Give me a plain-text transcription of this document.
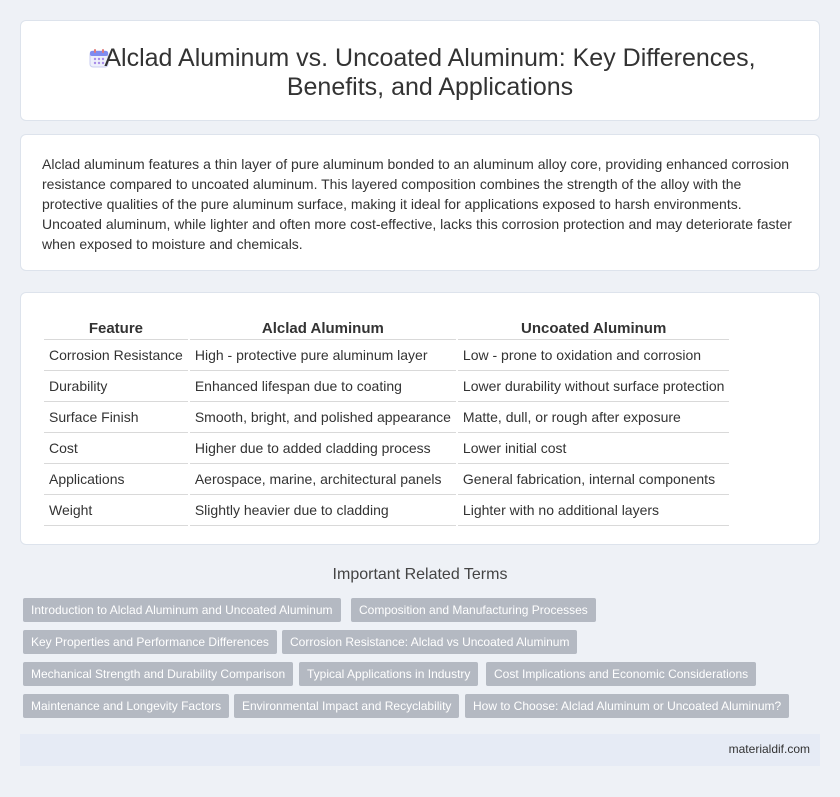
Alclad Aluminum vs. Uncoated Aluminum: Key Differences, Benefits, and Applications
Alclad aluminum features a thin layer of pure aluminum bonded to an aluminum alloy core, providing enhanced corrosion resistance compared to uncoated aluminum. This layered composition combines the strength of the alloy with the protective qualities of the pure aluminum surface, making it ideal for applications exposed to harsh environments. Uncoated aluminum, while lighter and often more cost-effective, lacks this corrosion protection and may deteriorate faster when exposed to moisture and chemicals.
Feature	Alclad Aluminum	Uncoated Aluminum
Corrosion Resistance	High - protective pure aluminum layer	Low - prone to oxidation and corrosion
Durability	Enhanced lifespan due to coating	Lower durability without surface protection
Surface Finish	Smooth, bright, and polished appearance	Matte, dull, or rough after exposure
Cost	Higher due to added cladding process	Lower initial cost
Applications	Aerospace, marine, architectural panels	General fabrication, internal components
Weight	Slightly heavier due to cladding	Lighter with no additional layers
Important Related Terms
Introduction to Alclad Aluminum and Uncoated Aluminum	Composition and Manufacturing Processes
Key Properties and Performance Differences	Corrosion Resistance: Alclad vs Uncoated Aluminum
Mechanical Strength and Durability Comparison	Typical Applications in Industry	Cost Implications and Economic Considerations
Maintenance and Longevity Factors	Environmental Impact and Recyclability	How to Choose: Alclad Aluminum or Uncoated Aluminum?
materialdif.com
